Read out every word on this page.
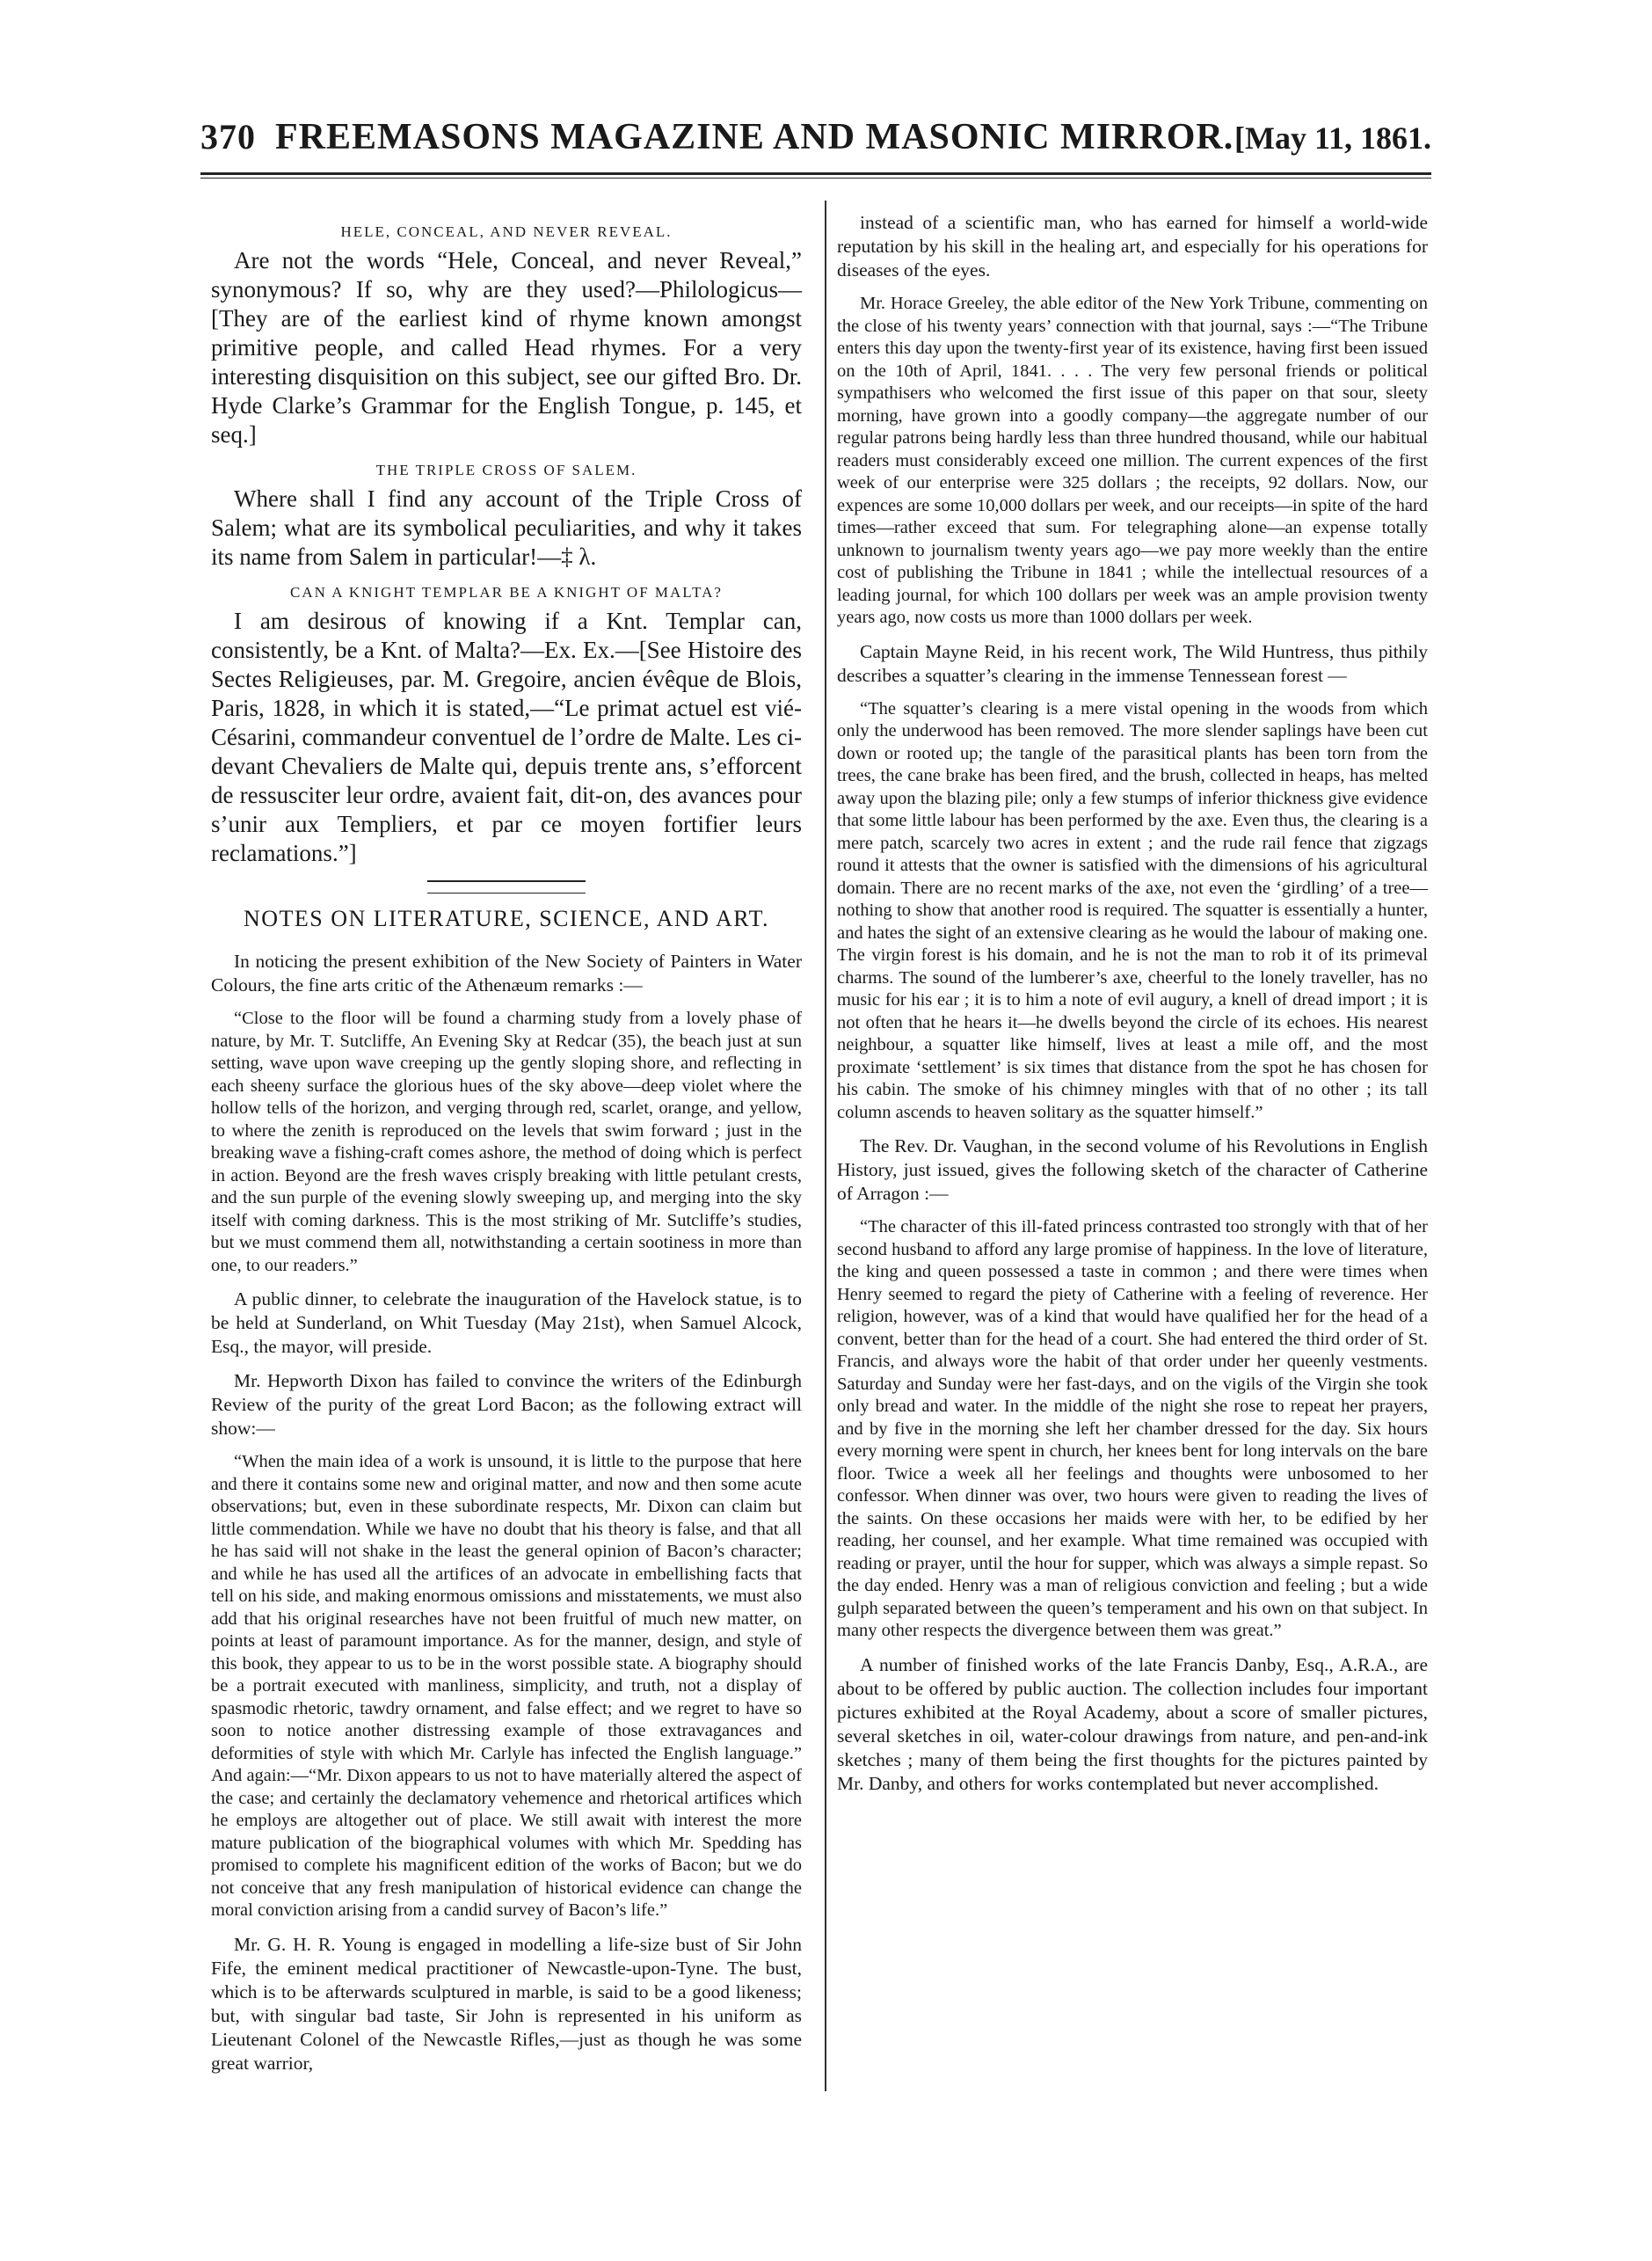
370 FREEMASONS MAGAZINE AND MASONIC MIRROR. [May 11, 1861.
HELE, CONCEAL, AND NEVER REVEAL.

Are not the words “Hele, Conceal, and never Reveal,” synonymous? If so, why are they used?—Philologicus—[They are of the earliest kind of rhyme known amongst primitive people, and called Head rhymes. For a very interesting disquisition on this subject, see our gifted Bro. Dr. Hyde Clarke’s Grammar for the English Tongue, p. 145, et seq.]

THE TRIPLE CROSS OF SALEM.

Where shall I find any account of the Triple Cross of Salem; what are its symbolical peculiarities, and why it takes its name from Salem in particular!—‡ λ.

CAN A KNIGHT TEMPLAR BE A KNIGHT OF MALTA?

I am desirous of knowing if a Knt. Templar can, consistently, be a Knt. of Malta?—Ex. Ex.—[See Histoire des Sectes Religieuses, par. M. Gregoire, ancien évêque de Blois, Paris, 1828, in which it is stated,—“Le primat actuel est vié-Césarini, commandeur conventuel de l’ordre de Malte. Les ci-devant Chevaliers de Malte qui, depuis trente ans, s’efforcent de ressusciter leur ordre, avaient fait, dit-on, des avances pour s’unir aux Templiers, et par ce moyen fortifier leurs reclamations.”]

NOTES ON LITERATURE, SCIENCE, AND ART.

In noticing the present exhibition of the New Society of Painters in Water Colours, the fine arts critic of the Athenæum remarks :—

“Close to the floor will be found a charming study from a lovely phase of nature, by Mr. T. Sutcliffe, An Evening Sky at Redcar (35), the beach just at sun setting, wave upon wave creeping up the gently sloping shore, and reflecting in each sheeny surface the glorious hues of the sky above—deep violet where the hollow tells of the horizon, and verging through red, scarlet, orange, and yellow, to where the zenith is reproduced on the levels that swim forward ; just in the breaking wave a fishing-craft comes ashore, the method of doing which is perfect in action. Beyond are the fresh waves crisply breaking with little petulant crests, and the sun purple of the evening slowly sweeping up, and merging into the sky itself with coming darkness. This is the most striking of Mr. Sutcliffe’s studies, but we must commend them all, notwithstanding a certain sootiness in more than one, to our readers.”

A public dinner, to celebrate the inauguration of the Havelock statue, is to be held at Sunderland, on Whit Tuesday (May 21st), when Samuel Alcock, Esq., the mayor, will preside.

Mr. Hepworth Dixon has failed to convince the writers of the Edinburgh Review of the purity of the great Lord Bacon; as the following extract will show:—

“When the main idea of a work is unsound, it is little to the purpose that here and there it contains some new and original matter, and now and then some acute observations; but, even in these subordinate respects, Mr. Dixon can claim but little commendation. While we have no doubt that his theory is false, and that all he has said will not shake in the least the general opinion of Bacon’s character; and while he has used all the artifices of an advocate in embellishing facts that tell on his side, and making enormous omissions and misstatements, we must also add that his original researches have not been fruitful of much new matter, on points at least of paramount importance. As for the manner, design, and style of this book, they appear to us to be in the worst possible state. A biography should be a portrait executed with manliness, simplicity, and truth, not a display of spasmodic rhetoric, tawdry ornament, and false effect; and we regret to have so soon to notice another distressing example of those extravagances and deformities of style with which Mr. Carlyle has infected the English language.” And again:—“Mr. Dixon appears to us not to have materially altered the aspect of the case; and certainly the declamatory vehemence and rhetorical artifices which he employs are altogether out of place. We still await with interest the more mature publication of the biographical volumes with which Mr. Spedding has promised to complete his magnificent edition of the works of Bacon; but we do not conceive that any fresh manipulation of historical evidence can change the moral conviction arising from a candid survey of Bacon’s life.”

Mr. G. H. R. Young is engaged in modelling a life-size bust of Sir John Fife, the eminent medical practitioner of Newcastle-upon-Tyne. The bust, which is to be afterwards sculptured in marble, is said to be a good likeness; but, with singular bad taste, Sir John is represented in his uniform as Lieutenant Colonel of the Newcastle Rifles,—just as though he was some great warrior,

instead of a scientific man, who has earned for himself a world-wide reputation by his skill in the healing art, and especially for his operations for diseases of the eyes.

Mr. Horace Greeley, the able editor of the New York Tribune, commenting on the close of his twenty years’ connection with that journal, says :—“The Tribune enters this day upon the twenty-first year of its existence, having first been issued on the 10th of April, 1841. . . . The very few personal friends or political sympathisers who welcomed the first issue of this paper on that sour, sleety morning, have grown into a goodly company—the aggregate number of our regular patrons being hardly less than three hundred thousand, while our habitual readers must considerably exceed one million. The current expences of the first week of our enterprise were 325 dollars ; the receipts, 92 dollars. Now, our expences are some 10,000 dollars per week, and our receipts—in spite of the hard times—rather exceed that sum. For telegraphing alone—an expense totally unknown to journalism twenty years ago—we pay more weekly than the entire cost of publishing the Tribune in 1841 ; while the intellectual resources of a leading journal, for which 100 dollars per week was an ample provision twenty years ago, now costs us more than 1000 dollars per week.

Captain Mayne Reid, in his recent work, The Wild Huntress, thus pithily describes a squatter’s clearing in the immense Tennessean forest —

“The squatter’s clearing is a mere vistal opening in the woods from which only the underwood has been removed. The more slender saplings have been cut down or rooted up; the tangle of the parasitical plants has been torn from the trees, the cane brake has been fired, and the brush, collected in heaps, has melted away upon the blazing pile; only a few stumps of inferior thickness give evidence that some little labour has been performed by the axe. Even thus, the clearing is a mere patch, scarcely two acres in extent ; and the rude rail fence that zigzags round it attests that the owner is satisfied with the dimensions of his agricultural domain. There are no recent marks of the axe, not even the ‘girdling’ of a tree—nothing to show that another rood is required. The squatter is essentially a hunter, and hates the sight of an extensive clearing as he would the labour of making one. The virgin forest is his domain, and he is not the man to rob it of its primeval charms. The sound of the lumberer’s axe, cheerful to the lonely traveller, has no music for his ear ; it is to him a note of evil augury, a knell of dread import ; it is not often that he hears it—he dwells beyond the circle of its echoes. His nearest neighbour, a squatter like himself, lives at least a mile off, and the most proximate ‘settlement’ is six times that distance from the spot he has chosen for his cabin. The smoke of his chimney mingles with that of no other ; its tall column ascends to heaven solitary as the squatter himself.”

The Rev. Dr. Vaughan, in the second volume of his Revolutions in English History, just issued, gives the following sketch of the character of Catherine of Arragon :—

“The character of this ill-fated princess contrasted too strongly with that of her second husband to afford any large promise of happiness. In the love of literature, the king and queen possessed a taste in common ; and there were times when Henry seemed to regard the piety of Catherine with a feeling of reverence. Her religion, however, was of a kind that would have qualified her for the head of a convent, better than for the head of a court. She had entered the third order of St. Francis, and always wore the habit of that order under her queenly vestments. Saturday and Sunday were her fast-days, and on the vigils of the Virgin she took only bread and water. In the middle of the night she rose to repeat her prayers, and by five in the morning she left her chamber dressed for the day. Six hours every morning were spent in church, her knees bent for long intervals on the bare floor. Twice a week all her feelings and thoughts were unbosomed to her confessor. When dinner was over, two hours were given to reading the lives of the saints. On these occasions her maids were with her, to be edified by her reading, her counsel, and her example. What time remained was occupied with reading or prayer, until the hour for supper, which was always a simple repast. So the day ended. Henry was a man of religious conviction and feeling ; but a wide gulph separated between the queen’s temperament and his own on that subject. In many other respects the divergence between them was great.”

A number of finished works of the late Francis Danby, Esq., A.R.A., are about to be offered by public auction. The collection includes four important pictures exhibited at the Royal Academy, about a score of smaller pictures, several sketches in oil, water-colour drawings from nature, and pen-and-ink sketches ; many of them being the first thoughts for the pictures painted by Mr. Danby, and others for works contemplated but never accomplished.
